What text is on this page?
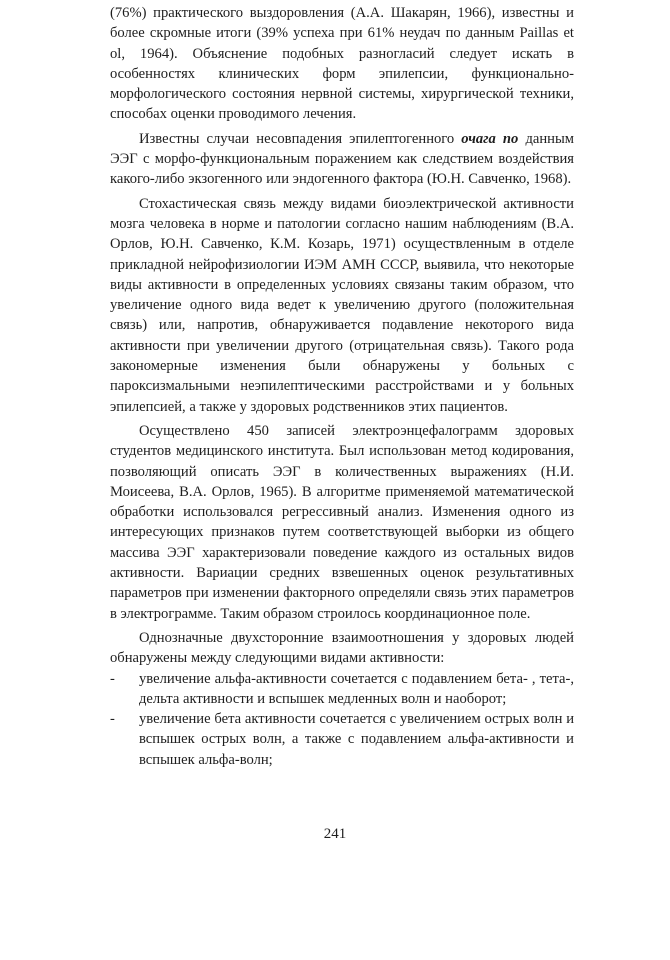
(76%) практического выздоровления (А.А. Шакарян, 1966), известны и более скромные итоги (39% успеха при 61% неудач по данным Paillas et ol, 1964). Объяснение подобных разногласий следует искать в особенностях клинических форм эпилепсии, функционально-морфологического состояния нервной системы, хирургической техники, способах оценки проводимого лечения.

Известны случаи несовпадения эпилептогенного очага по данным ЭЭГ с морфо-функциональным поражением как следствием воздействия какого-либо экзогенного или эндогенного фактора (Ю.Н. Савченко, 1968).

Стохастическая связь между видами биоэлектрической активности мозга человека в норме и патологии согласно нашим наблюдениям (В.А. Орлов, Ю.Н. Савченко, К.М. Козарь, 1971) осуществленным в отделе прикладной нейрофизиологии ИЭМ АМН СССР, выявила, что некоторые виды активности в определенных условиях связаны таким образом, что увеличение одного вида ведет к увеличению другого (положительная связь) или, напротив, обнаруживается подавление некоторого вида активности при увеличении другого (отрицательная связь). Такого рода закономерные изменения были обнаружены у больных с пароксизмальными неэпилептическими расстройствами и у больных эпилепсией, а также у здоровых родственников этих пациентов.

Осуществлено 450 записей электроэнцефалограмм здоровых студентов медицинского института. Был использован метод кодирования, позволяющий описать ЭЭГ в количественных выражениях (Н.И. Моисеева, В.А. Орлов, 1965). В алгоритме применяемой математической обработки использовался регрессивный анализ. Изменения одного из интересующих признаков путем соответствующей выборки из общего массива ЭЭГ характеризовали поведение каждого из остальных видов активности. Вариации средних взвешенных оценок результативных параметров при изменении факторного определяли связь этих параметров в электрограмме. Таким образом строилось координационное поле.

Однозначные двухсторонние взаимоотношения у здоровых людей обнаружены между следующими видами активности:

- увеличение альфа-активности сочетается с подавлением бета- , тета-, дельта активности и вспышек медленных волн и наоборот;
- увеличение бета активности сочетается с увеличением острых волн и вспышек острых волн, а также с подавлением альфа-активности и вспышек альфа-волн;
241
